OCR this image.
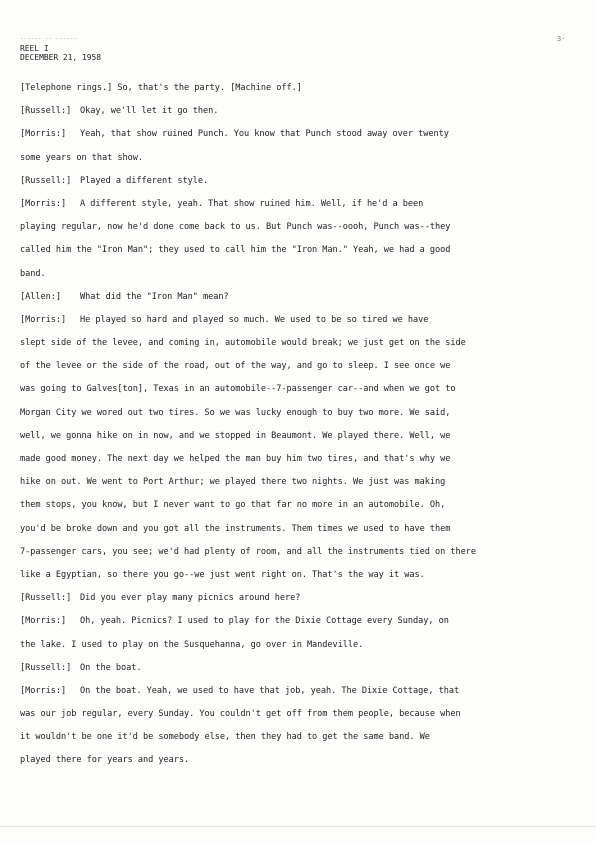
------ -- ------
REEL I
DECEMBER 21, 1958
3-
[Telephone rings.] So, that's the party. [Machine off.]
[Russell:] Okay, we'll let it go then.
[Morris:] Yeah, that show ruined Punch. You know that Punch stood away over twenty
some years on that show.
[Russell:] Played a different style.
[Morris:] A different style, yeah. That show ruined him. Well, if he'd a been
playing regular, now he'd done come back to us. But Punch was--oooh, Punch was--they
called him the "Iron Man"; they used to call him the "Iron Man." Yeah, we had a good
band.
[Allen:] What did the "Iron Man" mean?
[Morris:] He played so hard and played so much. We used to be so tired we have
slept side of the levee, and coming in, automobile would break; we just get on the side
of the levee or the side of the road, out of the way, and go to sleep. I see once we
was going to Galves[ton], Texas in an automobile--7-passenger car--and when we got to
Morgan City we wored out two tires. So we was lucky enough to buy two more. We said,
well, we gonna hike on in now, and we stopped in Beaumont. We played there. Well, we
made good money. The next day we helped the man buy him two tires, and that's why we
hike on out. We went to Port Arthur; we played there two nights. We just was making
them stops, you know, but I never want to go that far no more in an automobile. Oh,
you'd be broke down and you got all the instruments. Them times we used to have them
7-passenger cars, you see; we'd had plenty of room, and all the instruments tied on there
like a Egyptian, so there you go--we just went right on. That's the way it was.
[Russell:] Did you ever play many picnics around here?
[Morris:] Oh, yeah. Picnics? I used to play for the Dixie Cottage every Sunday, on
the lake. I used to play on the Susquehanna, go over in Mandeville.
[Russell:] On the boat.
[Morris:] On the boat. Yeah, we used to have that job, yeah. The Dixie Cottage, that
was our job regular, every Sunday. You couldn't get off from them people, because when
it wouldn't be one it'd be somebody else, then they had to get the same band. We
played there for years and years.
